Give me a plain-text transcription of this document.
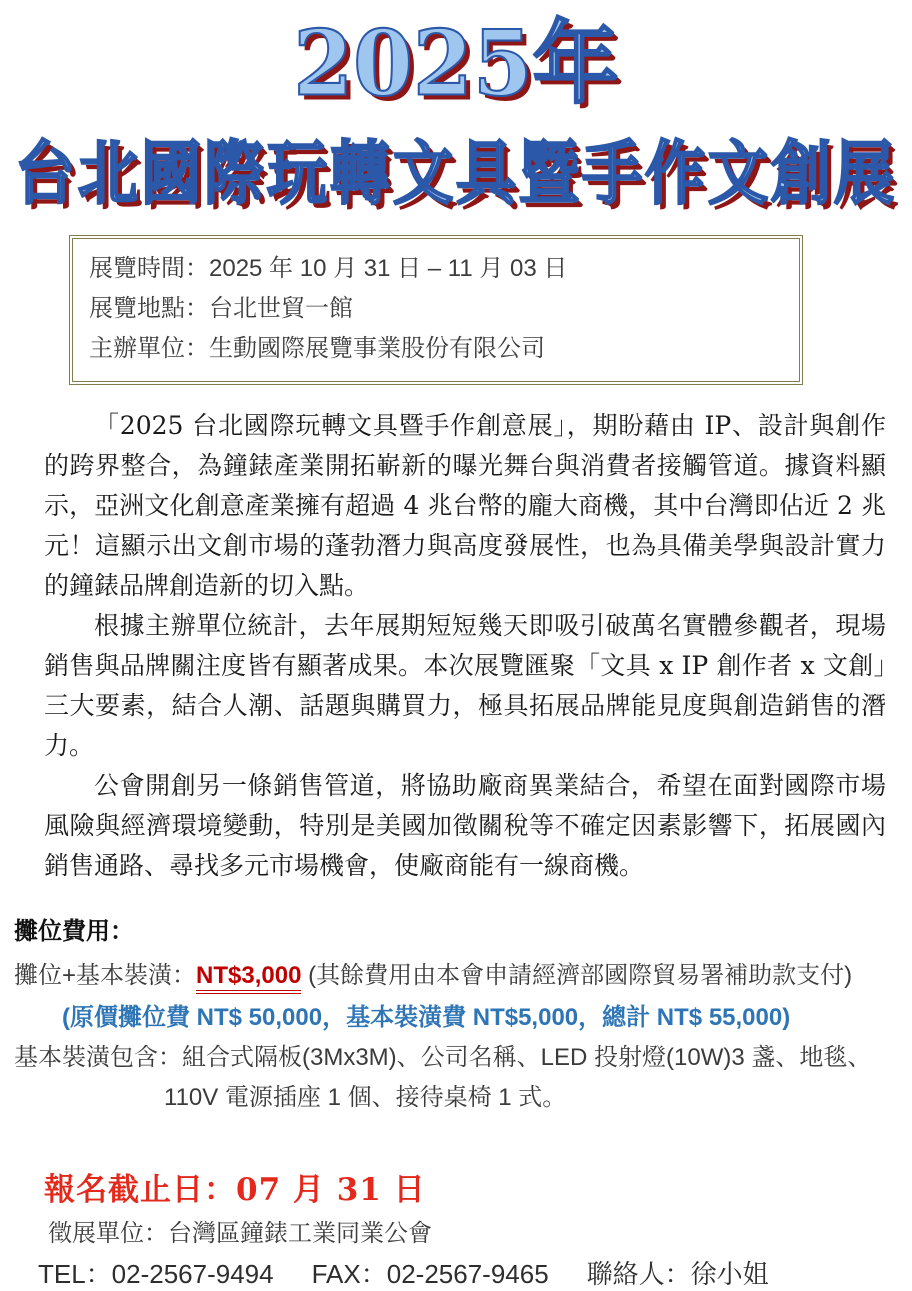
2025年
台北國際玩轉文具暨手作文創展
展覽時間：2025 年 10 月 31 日 – 11 月 03 日
展覽地點：台北世貿一館
主辦單位：生動國際展覽事業股份有限公司

「2025 台北國際玩轉文具暨手作創意展」，期盼藉由 IP、設計與創作的跨界整合，為鐘錶產業開拓嶄新的曝光舞台與消費者接觸管道。據資料顯示，亞洲文化創意產業擁有超過 4 兆台幣的龐大商機，其中台灣即佔近 2 兆元！這顯示出文創市場的蓬勃潛力與高度發展性，也為具備美學與設計實力的鐘錶品牌創造新的切入點。

根據主辦單位統計，去年展期短短幾天即吸引破萬名實體參觀者，現場銷售與品牌關注度皆有顯著成果。本次展覽匯聚「文具 x IP 創作者 x 文創」三大要素，結合人潮、話題與購買力，極具拓展品牌能見度與創造銷售的潛力。

公會開創另一條銷售管道，將協助廠商異業結合，希望在面對國際市場風險與經濟環境變動，特別是美國加徵關稅等不確定因素影響下，拓展國內銷售通路、尋找多元市場機會，使廠商能有一線商機。

攤位費用：
攤位+基本裝潢：NT$3,000 (其餘費用由本會申請經濟部國際貿易署補助款支付)
(原價攤位費 NT$ 50,000，基本裝潢費 NT$5,000，總計 NT$ 55,000)
基本裝潢包含：組合式隔板(3Mx3M)、公司名稱、LED 投射燈(10W)3 盞、地毯、
110V 電源插座 1 個、接待桌椅 1 式。
報名截止日：07 月 31 日
徵展單位：台灣區鐘錶工業同業公會
TEL：02-2567-9494 FAX：02-2567-9465 聯絡人：徐小姐
